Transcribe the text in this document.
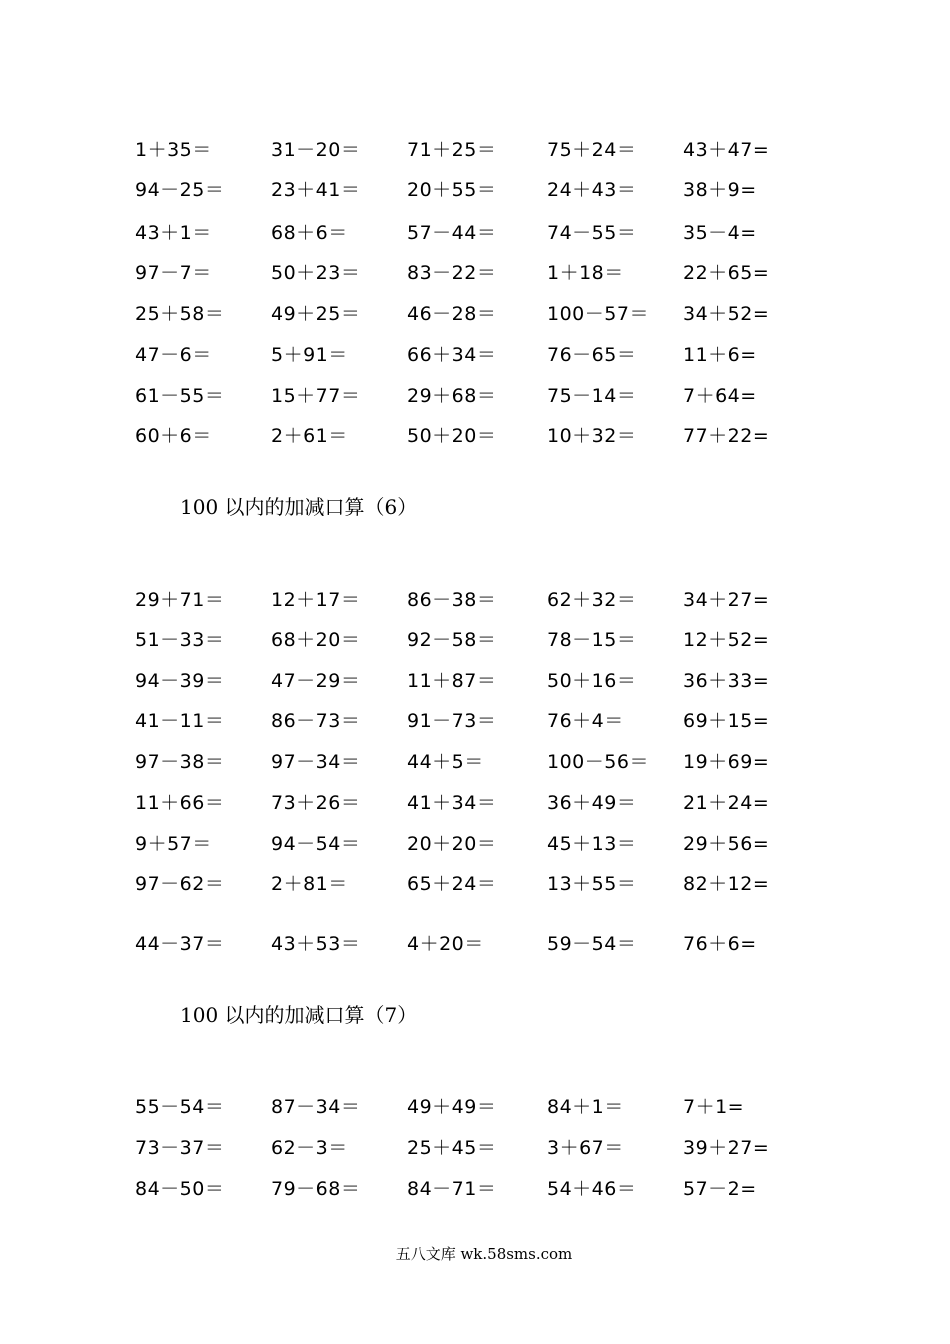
1＋35＝	31－20＝ 71＋25＝	75＋24＝ 43＋47=
94－25＝ 23＋41＝ 20＋55＝	24＋43＝ 38＋9=
43＋1＝	68＋6＝	57－44＝	74－55＝ 35－4=
97－7＝	50＋23＝ 83－22＝	1＋18＝	22＋65=
25＋58＝ 49＋25＝ 46－28＝	100－57＝ 34＋52=
47－6＝	5＋91＝	66＋34＝	76－65＝ 11＋6=
61－55＝ 15＋77＝ 29＋68＝	75－14＝ 7＋64=
60＋6＝	2＋61＝	50＋20＝	10＋32＝ 77＋22=
100 以内的加减口算（6）
29＋71＝ 12＋17＝ 86－38＝	62＋32＝ 34＋27=
51－33＝ 68＋20＝ 92－58＝	78－15＝ 12＋52=
94－39＝ 47－29＝ 11＋87＝	50＋16＝ 36＋33=
41－11＝ 86－73＝ 91－73＝	76＋4＝	69＋15=
97－38＝ 97－34＝ 44＋5＝	100－56＝ 19＋69=
11＋66＝ 73＋26＝ 41＋34＝	36＋49＝ 21＋24=
9＋57＝	94－54＝ 20＋20＝	45＋13＝ 29＋56=
97－62＝ 2＋81＝	65＋24＝	13＋55＝ 82＋12=
44－37＝ 43＋53＝ 4＋20＝	59－54＝ 76＋6=
100 以内的加减口算（7）
55－54＝ 87－34＝ 49＋49＝	84＋1＝	7＋1=
73－37＝ 62－3＝	25＋45＝	3＋67＝	39＋27=
84－50＝ 79－68＝ 84－71＝	54＋46＝ 57－2=
五八文库 wk.58sms.com
